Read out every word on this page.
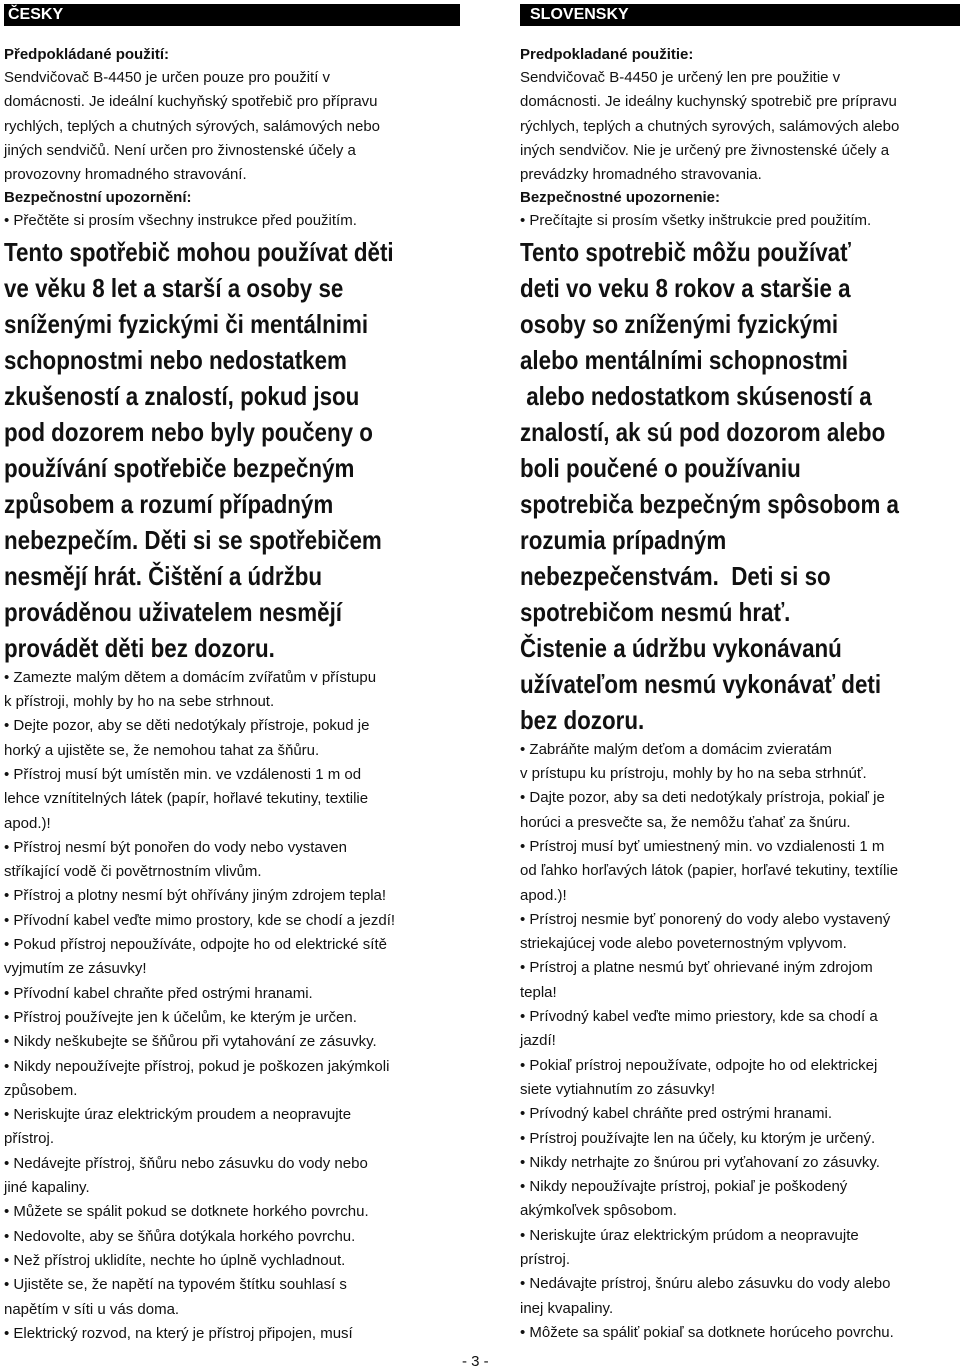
ČESKY
Předpokládané použití:
Sendvičovač B-4450 je určen pouze pro použití v
domácnosti. Je ideální kuchyňský spotřebič pro přípravu
rychlých, teplých a chutných sýrových, salámových nebo
jiných sendvičů. Není určen pro živnostenské účely a
provozovny hromadného stravování.
Bezpečnostní upozornění:
• Přečtěte si prosím všechny instrukce před použitím.
Tento spotřebič mohou používat děti
ve věku 8 let a starší a osoby se
sníženými fyzickými či mentálnimi
schopnostmi nebo nedostatkem
zkušeností a znalostí, pokud jsou
pod dozorem nebo byly poučeny o
používání spotřebiče bezpečným
způsobem a rozumí případným
nebezpečím. Děti si se spotřebičem
nesmějí hrát. Čištění a údržbu
prováděnou uživatelem nesmějí
provádět děti bez dozoru.
• Zamezte malým dětem a domácím zvířatům v přístupu
k přístroji, mohly by ho na sebe strhnout.
• Dejte pozor, aby se děti nedotýkaly přístroje, pokud je
horký a ujistěte se, že nemohou tahat za šňůru.
• Přístroj musí být umístěn min. ve vzdálenosti 1 m od
lehce vznítitelných látek (papír, hořlavé tekutiny, textilie
apod.)!
• Přístroj nesmí být ponořen do vody nebo vystaven
stříkající vodě či povětrnostním vlivům.
• Přístroj a plotny nesmí být ohřívány jiným zdrojem tepla!
• Přívodní kabel veďte mimo prostory, kde se chodí a jezdí!
• Pokud přístroj nepoužíváte, odpojte ho od elektrické sítě
vyjmutím ze zásuvky!
• Přívodní kabel chraňte před ostrými hranami.
• Přístroj používejte jen k účelům, ke kterým je určen.
• Nikdy neškubejte se šňůrou při vytahování ze zásuvky.
• Nikdy nepoužívejte přístroj, pokud je poškozen jakýmkoli
způsobem.
• Neriskujte úraz elektrickým proudem a neopravujte
přístroj.
• Nedávejte přístroj, šňůru nebo zásuvku do vody nebo
jiné kapaliny.
• Můžete se spálit pokud se dotknete horkého povrchu.
• Nedovolte, aby se šňůra dotýkala horkého povrchu.
• Než přístroj uklidíte, nechte ho úplně vychladnout.
• Ujistěte se, že napětí na typovém štítku souhlasí s
napětím v síti u vás doma.
• Elektrický rozvod, na který je přístroj připojen, musí
SLOVENSKY
Predpokladané použitie:
Sendvičovač B-4450 je určený len pre použitie v
domácnosti. Je ideálny kuchynský spotrebič pre prípravu
rýchlych, teplých a chutných syrových, salámových alebo
iných sendvičov. Nie je určený pre živnostenské účely a
prevádzky hromadného stravovania.
Bezpečnostné upozornenie:
• Prečítajte si prosím všetky inštrukcie pred použitím.
Tento spotrebič môžu používať
deti vo veku 8 rokov a staršie a
osoby so zníženými fyzickými
alebo mentálními schopnostmi
alebo nedostatkom skúseností a
znalostí, ak sú pod dozorom alebo
boli poučené o používaniu
spotrebiča bezpečným spôsobom a
rozumia prípadným
nebezpečenstvám.  Deti si so
spotrebičom nesmú hrať.
Čistenie a údržbu vykonávanú
užívateľom nesmú vykonávať deti
bez dozoru.
• Zabráňte malým deťom a domácim zvieratám
v prístupu ku prístroju, mohly by ho na seba strhnúť.
• Dajte pozor, aby sa deti nedotýkaly prístroja, pokiaľ je
horúci a presvečte sa, že nemôžu ťahať za šnúru.
• Prístroj musí byť umiestnený min. vo vzdialenosti 1 m
od ľahko horľavých látok (papier, horľavé tekutiny, textílie
apod.)!
• Prístroj nesmie byť ponorený do vody alebo vystavený
striekajúcej vode alebo poveternostným vplyvom.
• Prístroj a platne nesmú byť ohrievané iným zdrojom
tepla!
• Prívodný kabel veďte mimo priestory, kde sa chodí a
jazdí!
• Pokiaľ prístroj nepoužívate, odpojte ho od elektrickej
siete vytiahnutím zo zásuvky!
• Prívodný kabel chráňte pred ostrými hranami.
• Prístroj používajte len na účely, ku ktorým je určený.
• Nikdy netrhajte zo šnúrou pri vyťahovaní zo zásuvky.
• Nikdy nepoužívajte prístroj, pokiaľ je poškodený
akýmkoľvek spôsobom.
• Neriskujte úraz elektrickým prúdom a neopravujte
prístroj.
• Nedávajte prístroj, šnúru alebo zásuvku do vody alebo
inej kvapaliny.
• Môžete sa spáliť pokiaľ sa dotknete horúceho povrchu.
- 3 -
